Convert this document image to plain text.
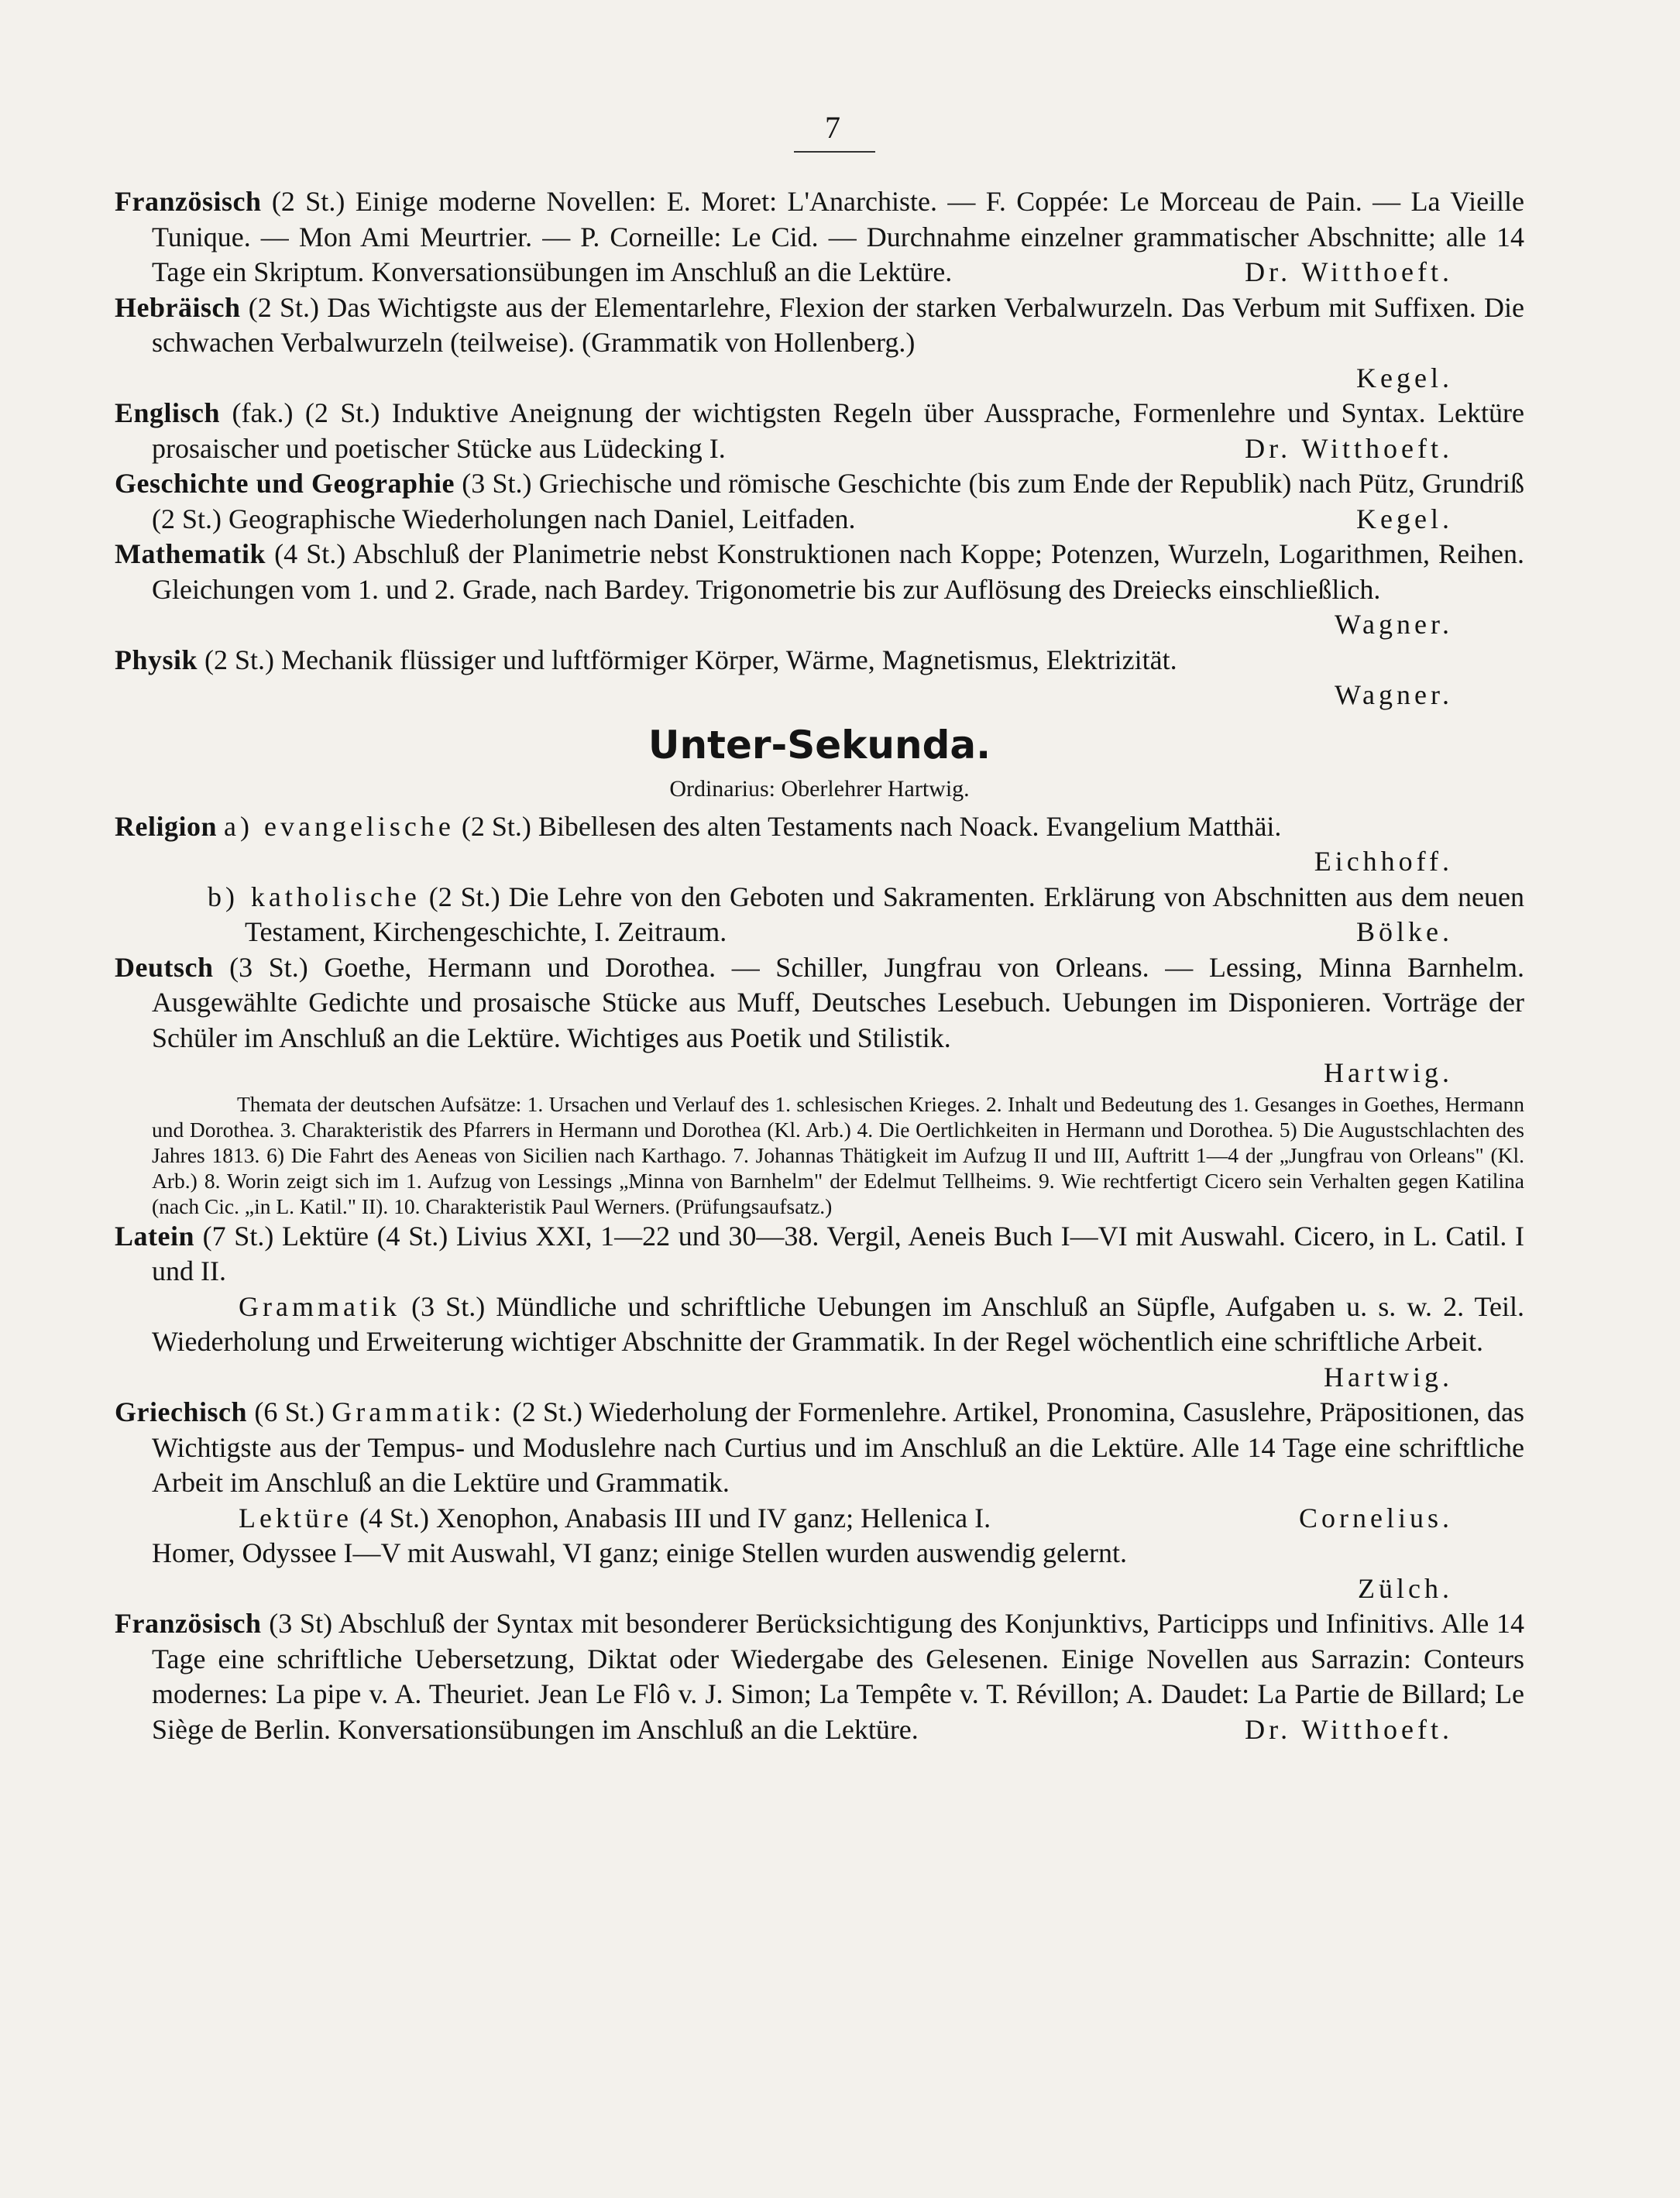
7

Französisch (2 St.) Einige moderne Novellen: E. Moret: L'Anarchiste. — F. Coppée: Le Morceau de Pain. — La Vieille Tunique. — Mon Ami Meurtrier. — P. Corneille: Le Cid. — Durchnahme einzelner grammatischer Abschnitte; alle 14 Tage ein Skriptum. Konversationsübungen im Anschluß an die Lektüre.	Dr. Witthoeft.

Hebräisch (2 St.) Das Wichtigste aus der Elementarlehre, Flexion der starken Verbalwurzeln. Das Verbum mit Suffixen. Die schwachen Verbalwurzeln (teilweise). (Grammatik von Hollenberg.)

Kegel.

Englisch (fak.) (2 St.) Induktive Aneignung der wichtigsten Regeln über Aussprache, Formenlehre und Syntax. Lektüre prosaischer und poetischer Stücke aus Lüdecking I.	Dr. Witthoeft.

Geschichte und Geographie (3 St.) Griechische und römische Geschichte (bis zum Ende der Republik) nach Pütz, Grundriß (2 St.) Geographische Wiederholungen nach Daniel, Leitfaden.	Kegel.

Mathematik (4 St.) Abschluß der Planimetrie nebst Konstruktionen nach Koppe; Potenzen, Wurzeln, Logarithmen, Reihen. Gleichungen vom 1. und 2. Grade, nach Bardey. Trigonometrie bis zur Auflösung des Dreiecks einschließlich.
Wagner.

Physik (2 St.) Mechanik flüssiger und luftförmiger Körper, Wärme, Magnetismus, Elektrizität.

Wagner.

Unter-Sekunda.
Ordinarius: Oberlehrer Hartwig.

Religion a) evangelische (2 St.) Bibellesen des alten Testaments nach Noack. Evangelium Matthäi.

Eichhoff.

b) katholische (2 St.) Die Lehre von den Geboten und Sakramenten. Erklärung von Abschnitten aus dem neuen Testament, Kirchengeschichte, I. Zeitraum.	Bölke.

Deutsch (3 St.) Goethe, Hermann und Dorothea. — Schiller, Jungfrau von Orleans. — Lessing, Minna Barnhelm. Ausgewählte Gedichte und prosaische Stücke aus Muff, Deutsches Lesebuch. Uebungen im Disponieren. Vorträge der Schüler im Anschluß an die Lektüre. Wichtiges aus Poetik und Stilistik.

Hartwig.

Themata der deutschen Aufsätze: 1. Ursachen und Verlauf des 1. schlesischen Krieges. 2. Inhalt und Bedeutung des 1. Gesanges in Goethes, Hermann und Dorothea. 3. Charakteristik des Pfarrers in Hermann und Dorothea (Kl. Arb.) 4. Die Oertlichkeiten in Hermann und Dorothea. 5) Die Augustschlachten des Jahres 1813. 6) Die Fahrt des Aeneas von Sicilien nach Karthago. 7. Johannas Thätigkeit im Aufzug II und III, Auftritt 1—4 der „Jungfrau von Orleans" (Kl. Arb.) 8. Worin zeigt sich im 1. Aufzug von Lessings „Minna von Barnhelm" der Edelmut Tellheims. 9. Wie rechtfertigt Cicero sein Verhalten gegen Katilina (nach Cic. „in L. Katil." II). 10. Charakteristik Paul Werners. (Prüfungsaufsatz.)

Latein (7 St.) Lektüre (4 St.) Livius XXI, 1—22 und 30—38. Vergil, Aeneis Buch I—VI mit Auswahl. Cicero, in L. Catil. I und II.

Grammatik (3 St.) Mündliche und schriftliche Uebungen im Anschluß an Süpfle, Aufgaben u. s. w. 2. Teil. Wiederholung und Erweiterung wichtiger Abschnitte der Grammatik. In der Regel wöchentlich eine schriftliche Arbeit.

Hartwig.

Griechisch (6 St.) Grammatik: (2 St.) Wiederholung der Formenlehre. Artikel, Pronomina, Casuslehre, Präpositionen, das Wichtigste aus der Tempus- und Moduslehre nach Curtius und im Anschluß an die Lektüre. Alle 14 Tage eine schriftliche Arbeit im Anschluß an die Lektüre und Grammatik.

Lektüre (4 St.) Xenophon, Anabasis III und IV ganz; Hellenica I.	Cornelius.

Homer, Odyssee I—V mit Auswahl, VI ganz; einige Stellen wurden auswendig gelernt.

Zülch.

Französisch (3 St) Abschluß der Syntax mit besonderer Berücksichtigung des Konjunktivs, Participps und Infinitivs. Alle 14 Tage eine schriftliche Uebersetzung, Diktat oder Wiedergabe des Gelesenen. Einige Novellen aus Sarrazin: Conteurs modernes: La pipe v. A. Theuriet. Jean Le Flô v. J. Simon; La Tempête v. T. Révillon; A. Daudet: La Partie de Billard; Le Siège de Berlin. Konversationsübungen im Anschluß an die Lektüre.	Dr. Witthoeft.
